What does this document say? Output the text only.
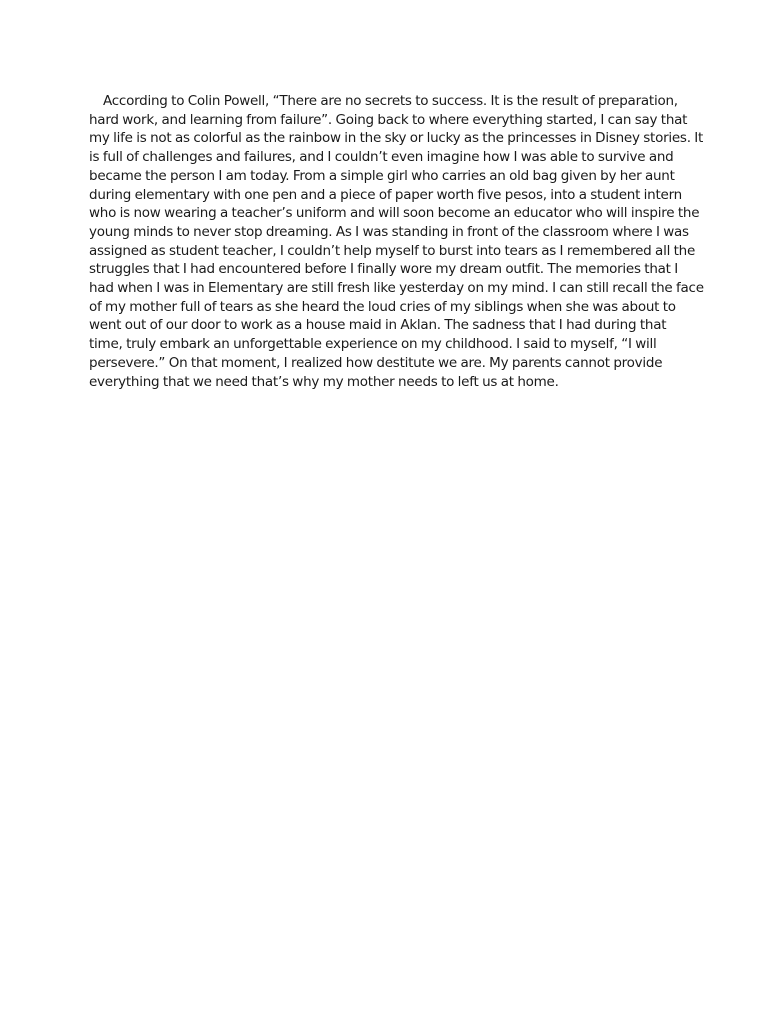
According to Colin Powell, “There are no secrets to success. It is the result of preparation,
hard work, and learning from failure”. Going back to where everything started, I can say that
my life is not as colorful as the rainbow in the sky or lucky as the princesses in Disney stories. It
is full of challenges and failures, and I couldn’t even imagine how I was able to survive and
became the person I am today. From a simple girl who carries an old bag given by her aunt
during elementary with one pen and a piece of paper worth five pesos, into a student intern
who is now wearing a teacher’s uniform and will soon become an educator who will inspire the
young minds to never stop dreaming. As I was standing in front of the classroom where I was
assigned as student teacher, I couldn’t help myself to burst into tears as I remembered all the
struggles that I had encountered before I finally wore my dream outfit. The memories that I
had when I was in Elementary are still fresh like yesterday on my mind. I can still recall the face
of my mother full of tears as she heard the loud cries of my siblings when she was about to
went out of our door to work as a house maid in Aklan. The sadness that I had during that
time, truly embark an unforgettable experience on my childhood. I said to myself, “I will
persevere.” On that moment, I realized how destitute we are. My parents cannot provide
everything that we need that’s why my mother needs to left us at home.
